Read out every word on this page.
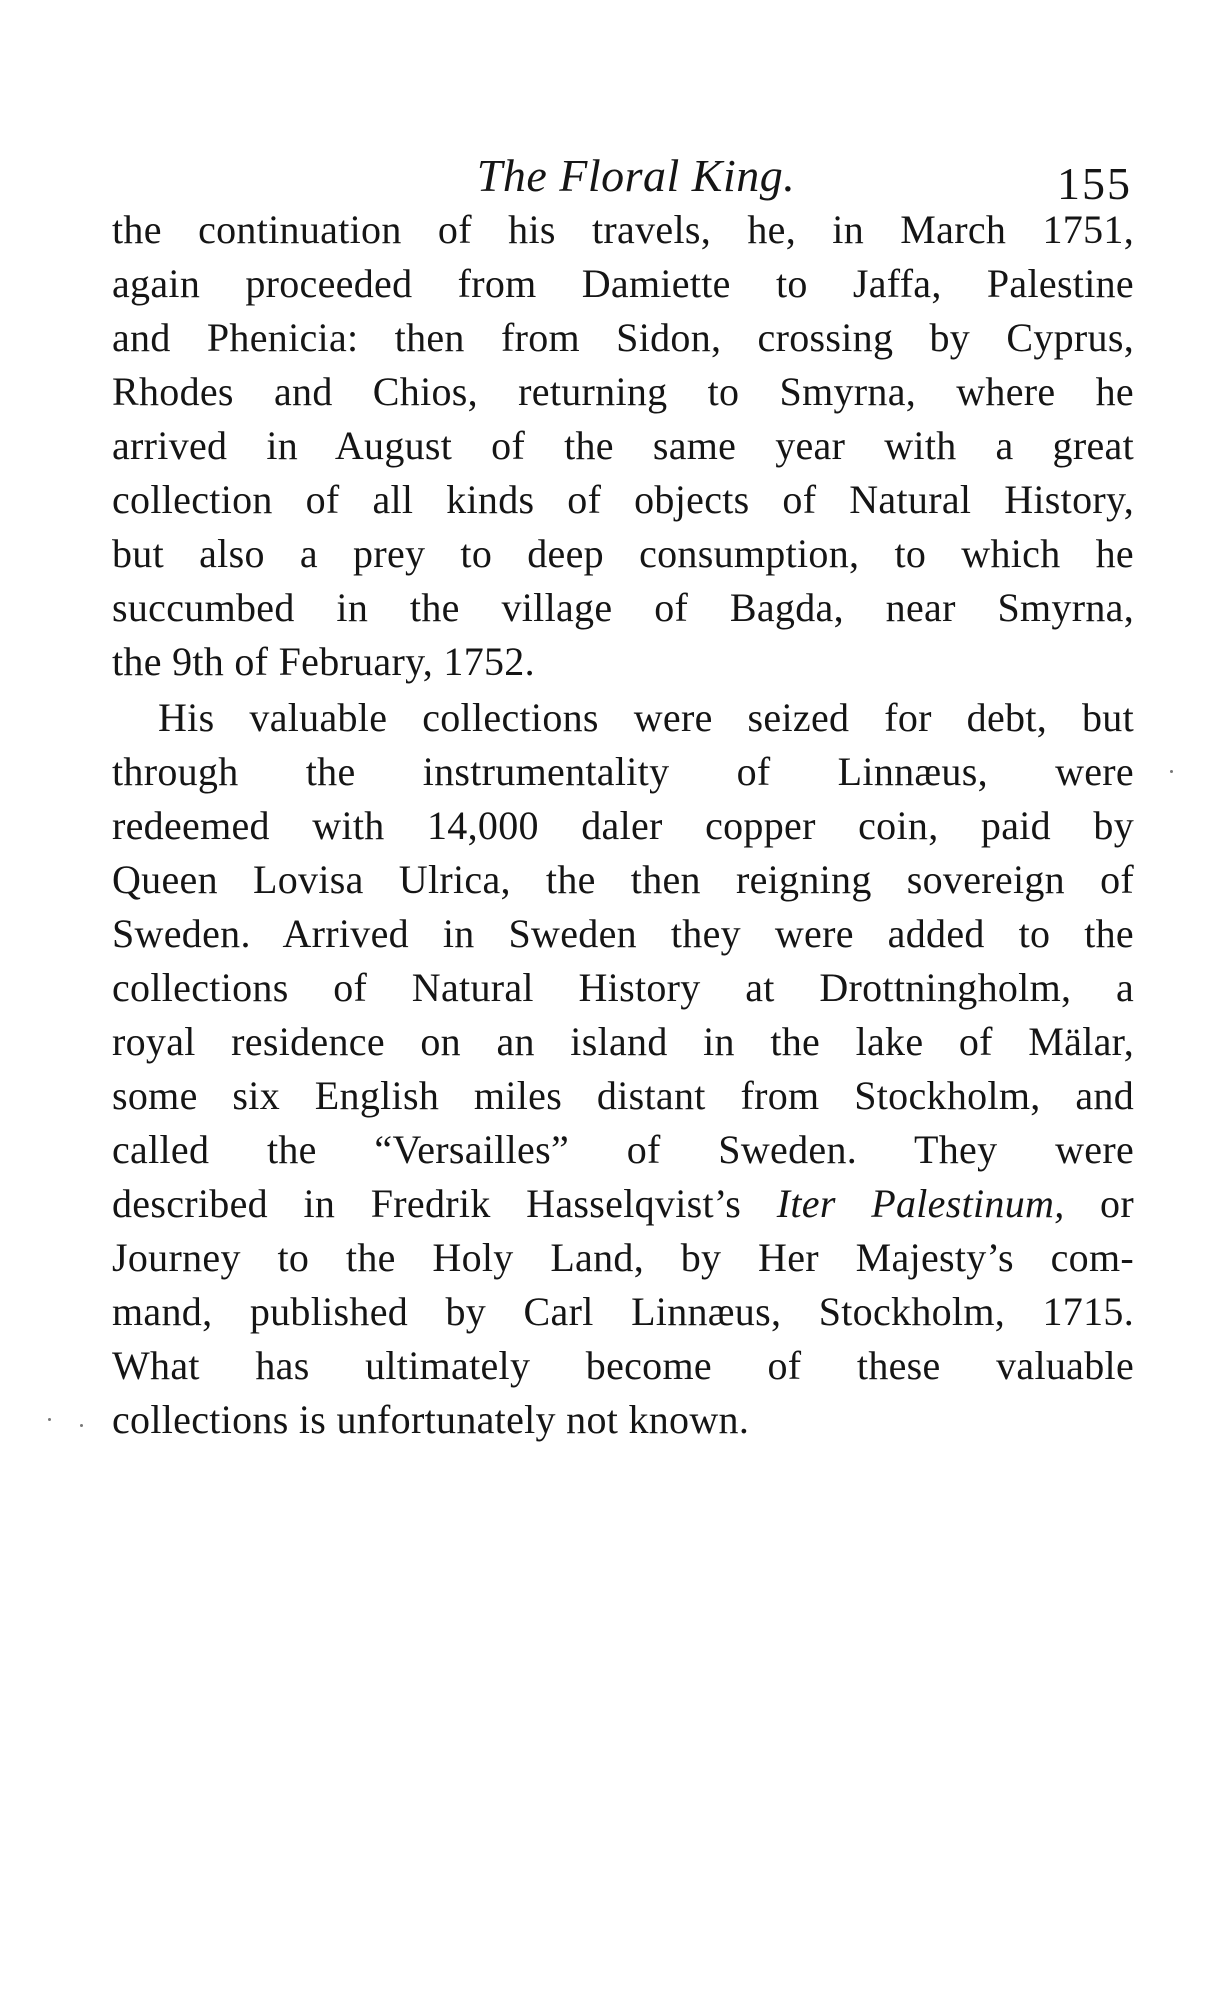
The Floral King.	155
the continuation of his travels, he, in March 1751,
again proceeded from Damiette to Jaffa, Palestine
and Phenicia: then from Sidon, crossing by Cyprus,
Rhodes and Chios, returning to Smyrna, where he
arrived in August of the same year with a great
collection of all kinds of objects of Natural History,
but also a prey to deep consumption, to which he
succumbed in the village of Bagda, near Smyrna,
the 9th of February, 1752.
His valuable collections were seized for debt, but
through the instrumentality of Linnæus, were
redeemed with 14,000 daler copper coin, paid by
Queen Lovisa Ulrica, the then reigning sovereign of
Sweden. Arrived in Sweden they were added to the
collections of Natural History at Drottningholm, a
royal residence on an island in the lake of Mälar,
some six English miles distant from Stockholm, and
called the “Versailles” of Sweden. They were
described in Fredrik Hasselqvist’s Iter Palestinum, or
Journey to the Holy Land, by Her Majesty’s com-
mand, published by Carl Linnæus, Stockholm, 1715.
What has ultimately become of these valuable
collections is unfortunately not known.
